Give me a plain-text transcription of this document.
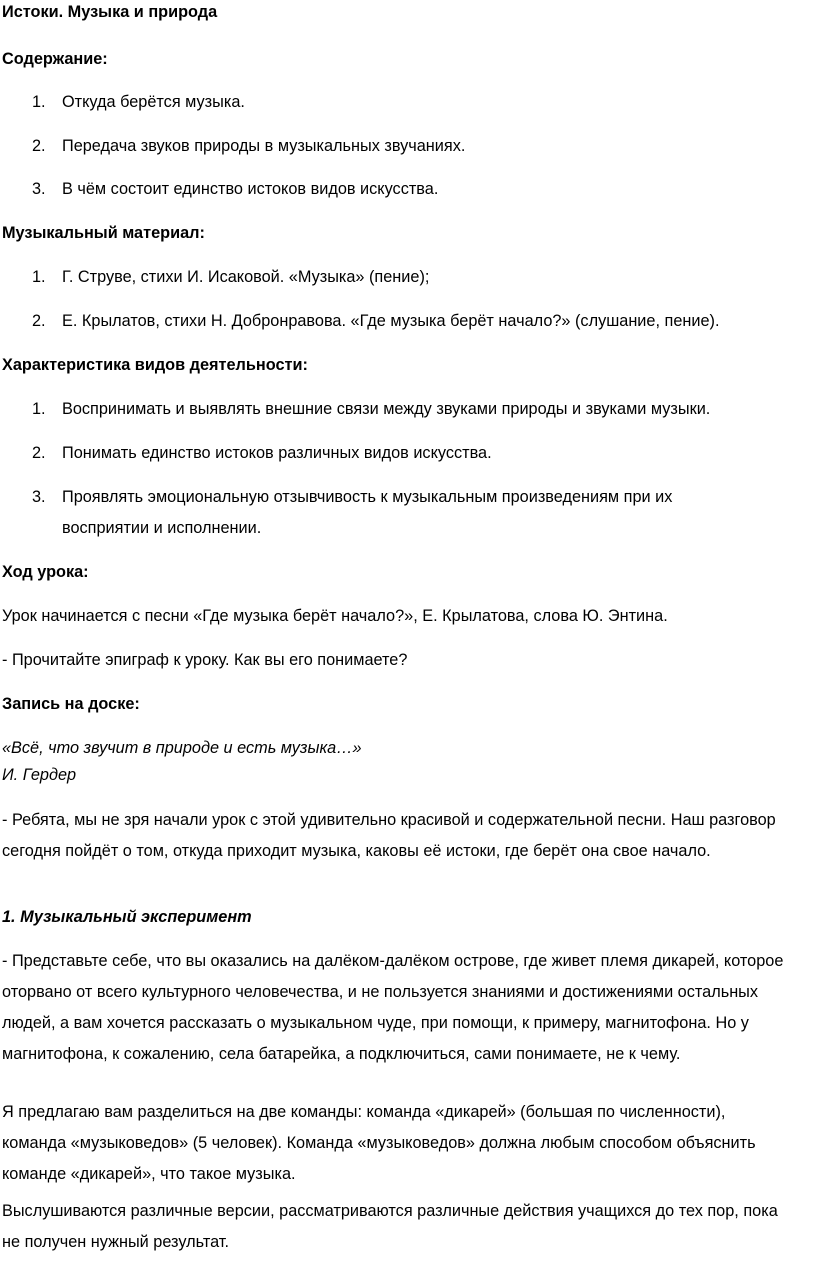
Истоки. Музыка и природа

Содержание:

1.	Откуда берётся музыка.
2.	Передача звуков природы в музыкальных звучаниях.
3.	В чём состоит единство истоков видов искусства.

Музыкальный материал:

1.	Г. Струве, стихи И. Исаковой. «Музыка» (пение);
2.	Е. Крылатов, стихи Н. Добронравова. «Где музыка берёт начало?» (слушание, пение).

Характеристика видов деятельности:

1.	Воспринимать и выявлять внешние связи между звуками природы и звуками музыки.
2.	Понимать единство истоков различных видов искусства.
3.	Проявлять эмоциональную отзывчивость к музыкальным произведениям при их восприятии и исполнении.

Ход урока:

Урок начинается с песни «Где музыка берёт начало?», Е. Крылатова, слова Ю. Энтина.

- Прочитайте эпиграф к уроку. Как вы его понимаете?

Запись на доске:

«Всё, что звучит в природе и есть музыка…»

И. Гердер

- Ребята, мы не зря начали урок с этой удивительно красивой и содержательной песни. Наш разговор сегодня пойдёт о том, откуда приходит музыка, каковы её истоки, где берёт она свое начало.

1. Музыкальный эксперимент

- Представьте себе, что вы оказались на далёком-далёком острове, где живет племя дикарей, которое оторвано от всего культурного человечества, и не пользуется знаниями и достижениями остальных людей, а вам хочется рассказать о музыкальном чуде, при помощи, к примеру, магнитофона. Но у магнитофона, к сожалению, села батарейка, а подключиться, сами понимаете, не к чему.

Я предлагаю вам разделиться на две команды: команда «дикарей» (большая по численности), команда «музыковедов» (5 человек). Команда «музыковедов» должна любым способом объяснить команде «дикарей», что такое музыка.

Выслушиваются различные версии, рассматриваются различные действия учащихся до тех пор, пока не получен нужный результат.
